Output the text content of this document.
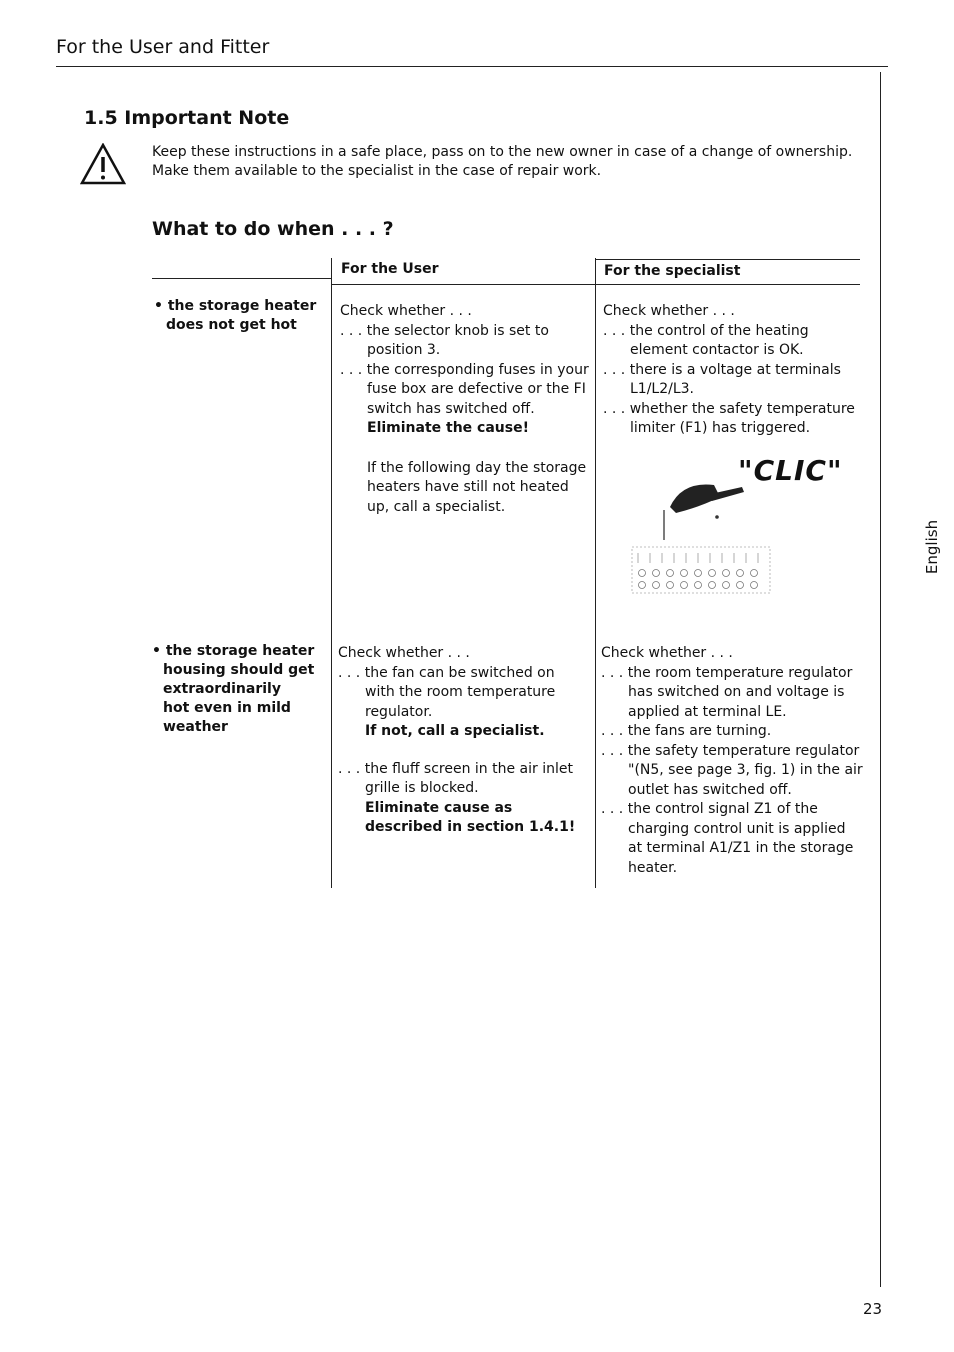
For the User and Fitter
1.5 Important Note
Keep these instructions in a safe place, pass on to the new owner in case of a change of ownership.
Make them available to the specialist in the case of repair work.
What to do when . . . ?
For the User	For the specialist
• the storage heater
does not get hot
Check whether . . .
. . . the selector knob is set to position 3.
. . . the corresponding fuses in your fuse box are defective or the FI switch has switched off.
Eliminate the cause!
If the following day the storage heaters have still not heated up, call a specialist.
Check whether . . .
. . . the control of the heating element contactor is OK.
. . . there is a voltage at terminals L1/L2/L3.
. . . whether the safety temperature limiter (F1) has triggered.
"CLIC"
• the storage heater
housing should get
extraordinarily
hot even in mild
weather
Check whether . . .
. . . the fan can be switched on with the room temperature regulator.
If not, call a specialist.
. . . the fluff screen in the air inlet grille is blocked.
Eliminate cause as described in section 1.4.1!
Check whether . . .
. . . the room temperature regulator has switched on and voltage is applied at terminal LE.
. . . the fans are turning.
. . . the safety temperature regulator "(N5, see page 3, fig. 1) in the air outlet has switched off.
. . . the control signal Z1 of the charging control unit is applied at terminal A1/Z1 in the storage heater.
English
23
